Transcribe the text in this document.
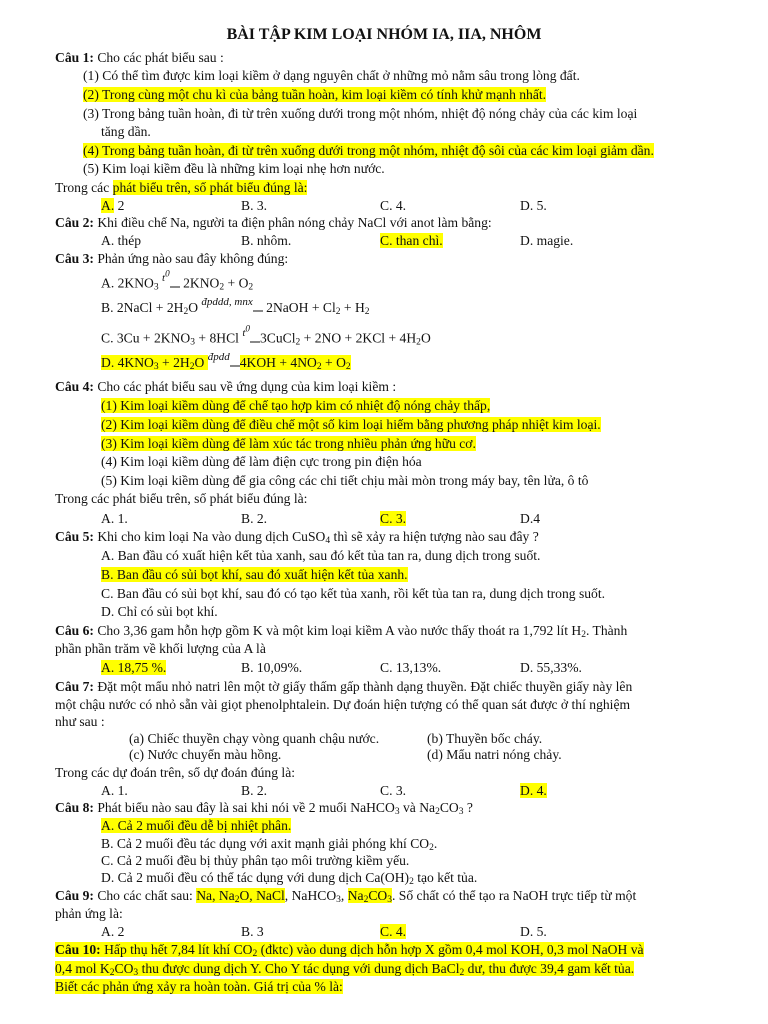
BÀI TẬP KIM LOẠI NHÓM IA, IIA, NHÔM
Câu 1: Cho các phát biểu sau :
(1) Có thể tìm được kim loại kiềm ở dạng nguyên chất ở những mỏ nằm sâu trong lòng đất.
(2) Trong cùng một chu kì của bảng tuần hoàn, kim loại kiềm có tính khử mạnh nhất.
(3) Trong bảng tuần hoàn, đi từ trên xuống dưới trong một nhóm, nhiệt độ nóng chảy của các kim loại
tăng dần.
(4) Trong bảng tuần hoàn, đi từ trên xuống dưới trong một nhóm, nhiệt độ sôi của các kim loại giảm dần.
(5) Kim loại kiềm đều là những kim loại nhẹ hơn nước.
Trong các phát biểu trên, số phát biểu đúng là:
A. 2	B. 3.	C. 4.	D. 5.
Câu 2: Khi điều chế Na, người ta điện phân nóng chảy NaCl với anot làm bằng:
A. thép	B. nhôm.	C. than chì.	D. magie.
Câu 3: Phản ứng nào sau đây không đúng:
A. $2KNO_3$ $^{t^0}$ $2KNO_2 + O_2$
B. 2NaCl + $2H_2O$ $^{đpddd, mnx}$ 2NaOH + $Cl_2 + H_2$
C. $3Cu + 2KNO_3 + 8HCl$ $^{t^0}$3CuCl$_2$ + $2NO + 2KCl + 4H_2O$
D. $4KNO_3 + 2H_2O$ $^{đpdd}$ $4KOH + 4NO_2 + O_2$
Câu 4: Cho các phát biểu sau về ứng dụng của kim loại kiềm :
(1) Kim loại kiềm dùng để chế tạo hợp kim có nhiệt độ nóng chảy thấp,
(2) Kim loại kiềm dùng để điều chế một số kim loại hiếm bằng phương pháp nhiệt kim loại.
(3) Kim loại kiềm dùng để làm xúc tác trong nhiều phản ứng hữu cơ.
(4) Kim loại kiềm dùng để làm điện cực trong pin điện hóa
(5) Kim loại kiềm dùng để gia công các chi tiết chịu mài mòn trong máy bay, tên lửa, ô tô
Trong các phát biểu trên, số phát biểu đúng là:
A. 1.	B. 2.	C. 3.	D.4
Câu 5: Khi cho kim loại Na vào dung dịch CuSO$_4$ thì sẽ xảy ra hiện tượng nào sau đây ?
A. Ban đầu có xuất hiện kết tủa xanh, sau đó kết tủa tan ra, dung dịch trong suốt.
B. Ban đầu có sủi bọt khí, sau đó xuất hiện kết tủa xanh.
C. Ban đầu có sủi bọt khí, sau đó có tạo kết tủa xanh, rồi kết tủa tan ra, dung dịch trong suốt.
D. Chỉ có sủi bọt khí.
Câu 6: Cho 3,36 gam hỗn hợp gồm K và một kim loại kiềm A vào nước thấy thoát ra 1,792 lít $H_2$. Thành
phần phần trăm về khối lượng của A là
A. 18,75 %.	B. 10,09%.	C. 13,13%.	D. 55,33%.
Câu 7: Đặt một mẩu nhỏ natri lên một tờ giấy thấm gấp thành dạng thuyền. Đặt chiếc thuyền giấy này lên
một chậu nước có nhỏ sẵn vài giọt phenolphtalein. Dự đoán hiện tượng có thể quan sát được ở thí nghiệm
như sau :
(a) Chiếc thuyền chạy vòng quanh chậu nước.	(b) Thuyền bốc cháy.
(c) Nước chuyển màu hồng.	(d) Mẩu natri nóng chảy.
Trong các dự đoán trên, số dự đoán đúng là:
A. 1.	B. 2.	C. 3.	D. 4.
Câu 8: Phát biểu nào sau đây là sai khi nói về 2 muối NaHCO$_3$ và $Na_2CO_3$ ?
A. Cả 2 muối đều dễ bị nhiệt phân.
B. Cả 2 muối đều tác dụng với axit mạnh giải phóng khí $CO_2$.
C. Cả 2 muối đều bị thủy phân tạo môi trường kiềm yếu.
D. Cả 2 muối đều có thể tác dụng với dung dịch $Ca(OH)_2$ tạo kết tủa.
Câu 9: Cho các chất sau: Na, $Na_2O$, NaCl, NaHCO$_3$, $Na_2CO_3$. Số chất có thể tạo ra NaOH trực tiếp từ một
phản ứng là:
A. 2	B. 3	C. 4.	D. 5.
Câu 10: Hấp thụ hết 7,84 lít khí $CO_2$ (đktc) vào dung dịch hỗn hợp X gồm 0,4 mol KOH, 0,3 mol NaOH và
0,4 mol $K_2CO_3$ thu được dung dịch Y. Cho Y tác dụng với dung dịch BaCl$_2$ dư, thu được 39,4 gam kết tủa.
Biết các phản ứng xảy ra hoàn toàn. Giá trị của % là:
